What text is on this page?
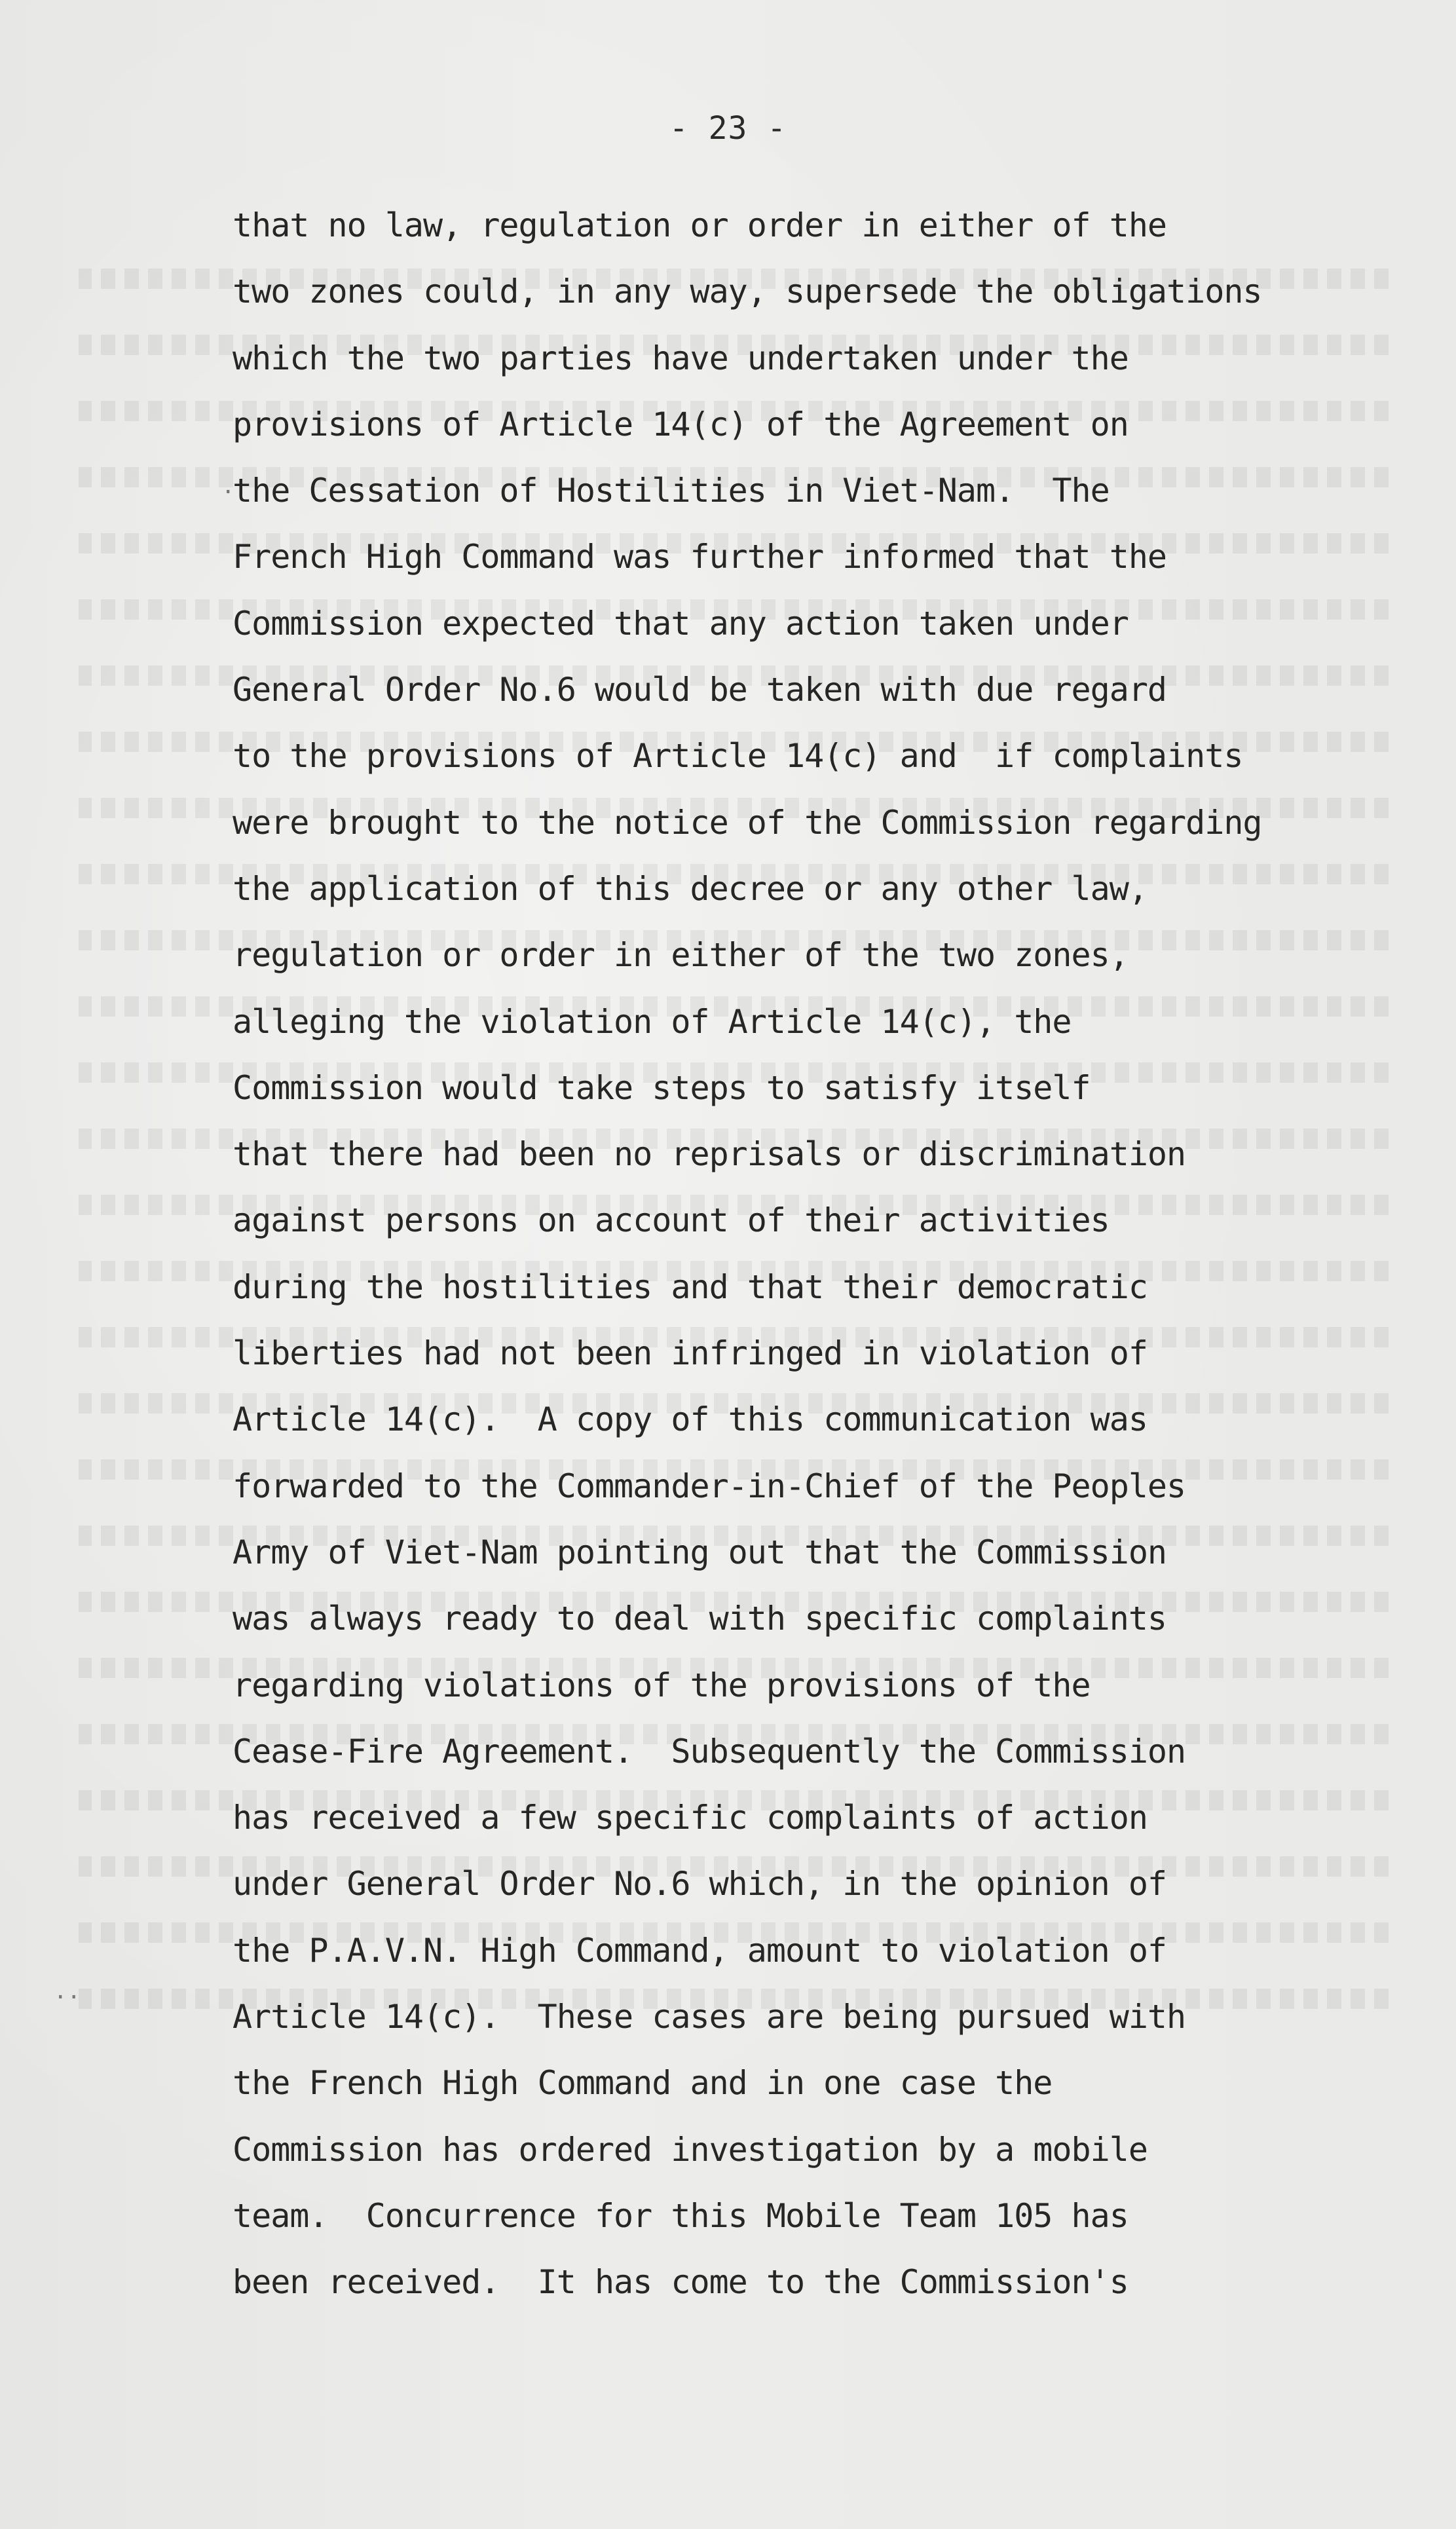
- 23 -
that no law, regulation or order in either of the
two zones could, in any way, supersede the obligations
which the two parties have undertaken under the
provisions of Article 14(c) of the Agreement on
the Cessation of Hostilities in Viet-Nam.  The
French High Command was further informed that the
Commission expected that any action taken under
General Order No.6 would be taken with due regard
to the provisions of Article 14(c) and  if complaints
were brought to the notice of the Commission regarding
the application of this decree or any other law,
regulation or order in either of the two zones,
alleging the violation of Article 14(c), the
Commission would take steps to satisfy itself
that there had been no reprisals or discrimination
against persons on account of their activities
during the hostilities and that their democratic
liberties had not been infringed in violation of
Article 14(c).  A copy of this communication was
forwarded to the Commander-in-Chief of the Peoples
Army of Viet-Nam pointing out that the Commission
was always ready to deal with specific complaints
regarding violations of the provisions of the
Cease-Fire Agreement.  Subsequently the Commission
has received a few specific complaints of action
under General Order No.6 which, in the opinion of
the P.A.V.N. High Command, amount to violation of
Article 14(c).  These cases are being pursued with
the French High Command and in one case the
Commission has ordered investigation by a mobile
team.  Concurrence for this Mobile Team 105 has
been received.  It has come to the Commission's
.
..
